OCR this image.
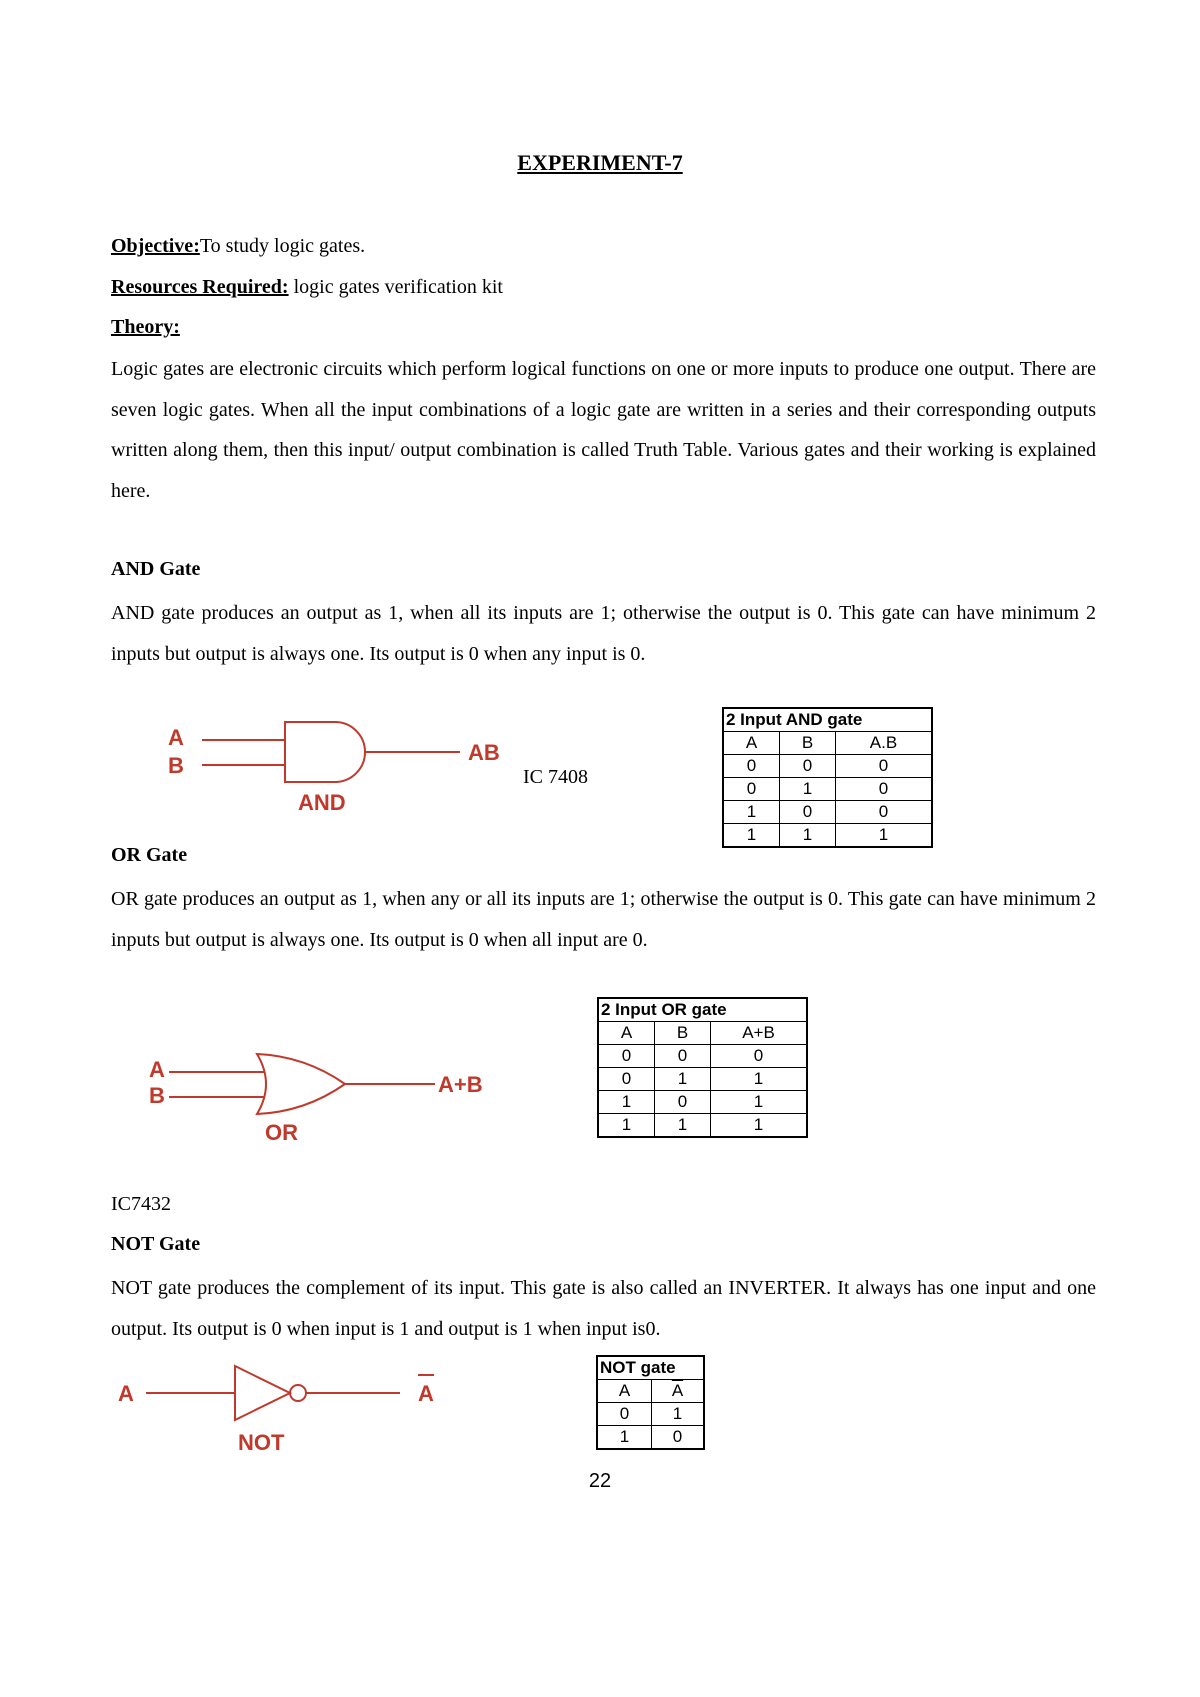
EXPERIMENT-7
Objective:To study logic gates.
Resources Required: logic gates verification kit
Theory:
Logic gates are electronic circuits which perform logical functions on one or more inputs to produce one output. There are seven logic gates. When all the input combinations of a logic gate are written in a series and their corresponding outputs written along them, then this input/ output combination is called Truth Table. Various gates and their working is explained here.
AND Gate
AND gate produces an output as 1, when all its inputs are 1; otherwise the output is 0. This gate can have minimum 2 inputs but output is always one. Its output is 0 when any input is 0.
A
B
AB
AND
IC 7408
2 Input AND gate		
A	B	A.B
0	0	0
0	1	0
1	0	0
1	1	1
OR Gate
OR gate produces an output as 1, when any or all its inputs are 1; otherwise the output is 0. This gate can have minimum 2 inputs but output is always one. Its output is 0 when all input are 0.
A
B	A+B
OR
2 Input OR gate		
A	B	A+B
0	0	0
0	1	1
1	0	1
1	1	1
IC7432
NOT Gate
NOT gate produces the complement of its input. This gate is also called an INVERTER. It always has one input and one output. Its output is 0 when input is 1 and output is 1 when input is0.
A	A
NOT
NOT gate	
A	$\overline{A}$
0	1
1	0
22
